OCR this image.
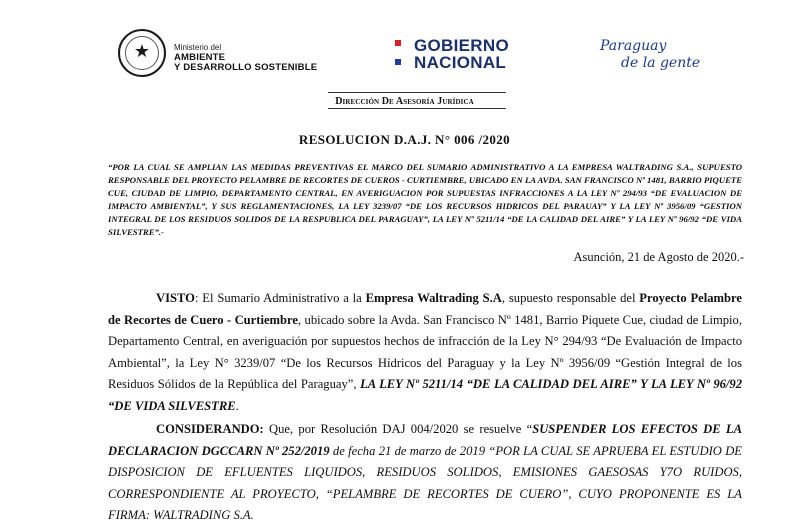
★	Ministerio del
AMBIENTE
Y DESARROLLO SOSTENIBLE
GOBIERNO
NACIONAL
Paraguay
de la gente
Dirección De Asesoría Jurídica
RESOLUCION D.A.J. N° 006 /2020
“POR LA CUAL SE AMPLIAN LAS MEDIDAS PREVENTIVAS EL MARCO DEL SUMARIO ADMINISTRATIVO A LA EMPRESA WALTRADING S.A., SUPUESTO RESPONSABLE DEL PROYECTO PELAMBRE DE RECORTES DE CUEROS - CURTIEMBRE, UBICADO EN LA AVDA. SAN FRANCISCO Nº 1481, BARRIO PIQUETE CUE, CIUDAD DE LIMPIO, DEPARTAMENTO CENTRAL, EN AVERIGUACION POR SUPUESTAS INFRACCIONES A LA LEY Nº 294/93 “DE EVALUACION DE IMPACTO AMBIENTAL”, Y SUS REGLAMENTACIONES, LA LEY 3239/07 “DE LOS RECURSOS HIDRICOS DEL PARAUAY” Y LA LEY Nº 3956/09 “GESTION INTEGRAL DE LOS RESIDUOS SOLIDOS DE LA RESPUBLICA DEL PARAGUAY”, LA LEY Nº 5211/14 “DE LA CALIDAD DEL AIRE” Y LA LEY Nº 96/92 “DE VIDA SILVESTRE”.-
Asunción, 21 de Agosto de 2020.-
VISTO: El Sumario Administrativo a la Empresa Waltrading S.A, supuesto responsable del Proyecto Pelambre de Recortes de Cuero - Curtiembre, ubicado sobre la Avda. San Francisco Nº 1481, Barrio Piquete Cue, ciudad de Limpio, Departamento Central, en averiguación por supuestos hechos de infracción de la Ley N° 294/93 “De Evaluación de Impacto Ambiental”, la Ley N° 3239/07 “De los Recursos Hídricos del Paraguay y la Ley Nº 3956/09 “Gestión Integral de los Residuos Sólidos de la República del Paraguay”, LA LEY Nº 5211/14 “DE LA CALIDAD DEL AIRE” Y LA LEY Nº 96/92 “DE VIDA SILVESTRE.
CONSIDERANDO: Que, por Resolución DAJ 004/2020 se resuelve “SUSPENDER LOS EFECTOS DE LA DECLARACION DGCCARN Nº 252/2019 de fecha 21 de marzo de 2019 “POR LA CUAL SE APRUEBA EL ESTUDIO DE DISPOSICION DE EFLUENTES LIQUIDOS, RESIDUOS SOLIDOS, EMISIONES GAESOSAS Y7O RUIDOS, CORRESPONDIENTE AL PROYECTO, “PELAMBRE DE RECORTES DE CUERO”, CUYO PROPONENTE ES LA FIRMA: WALTRADING S.A.
